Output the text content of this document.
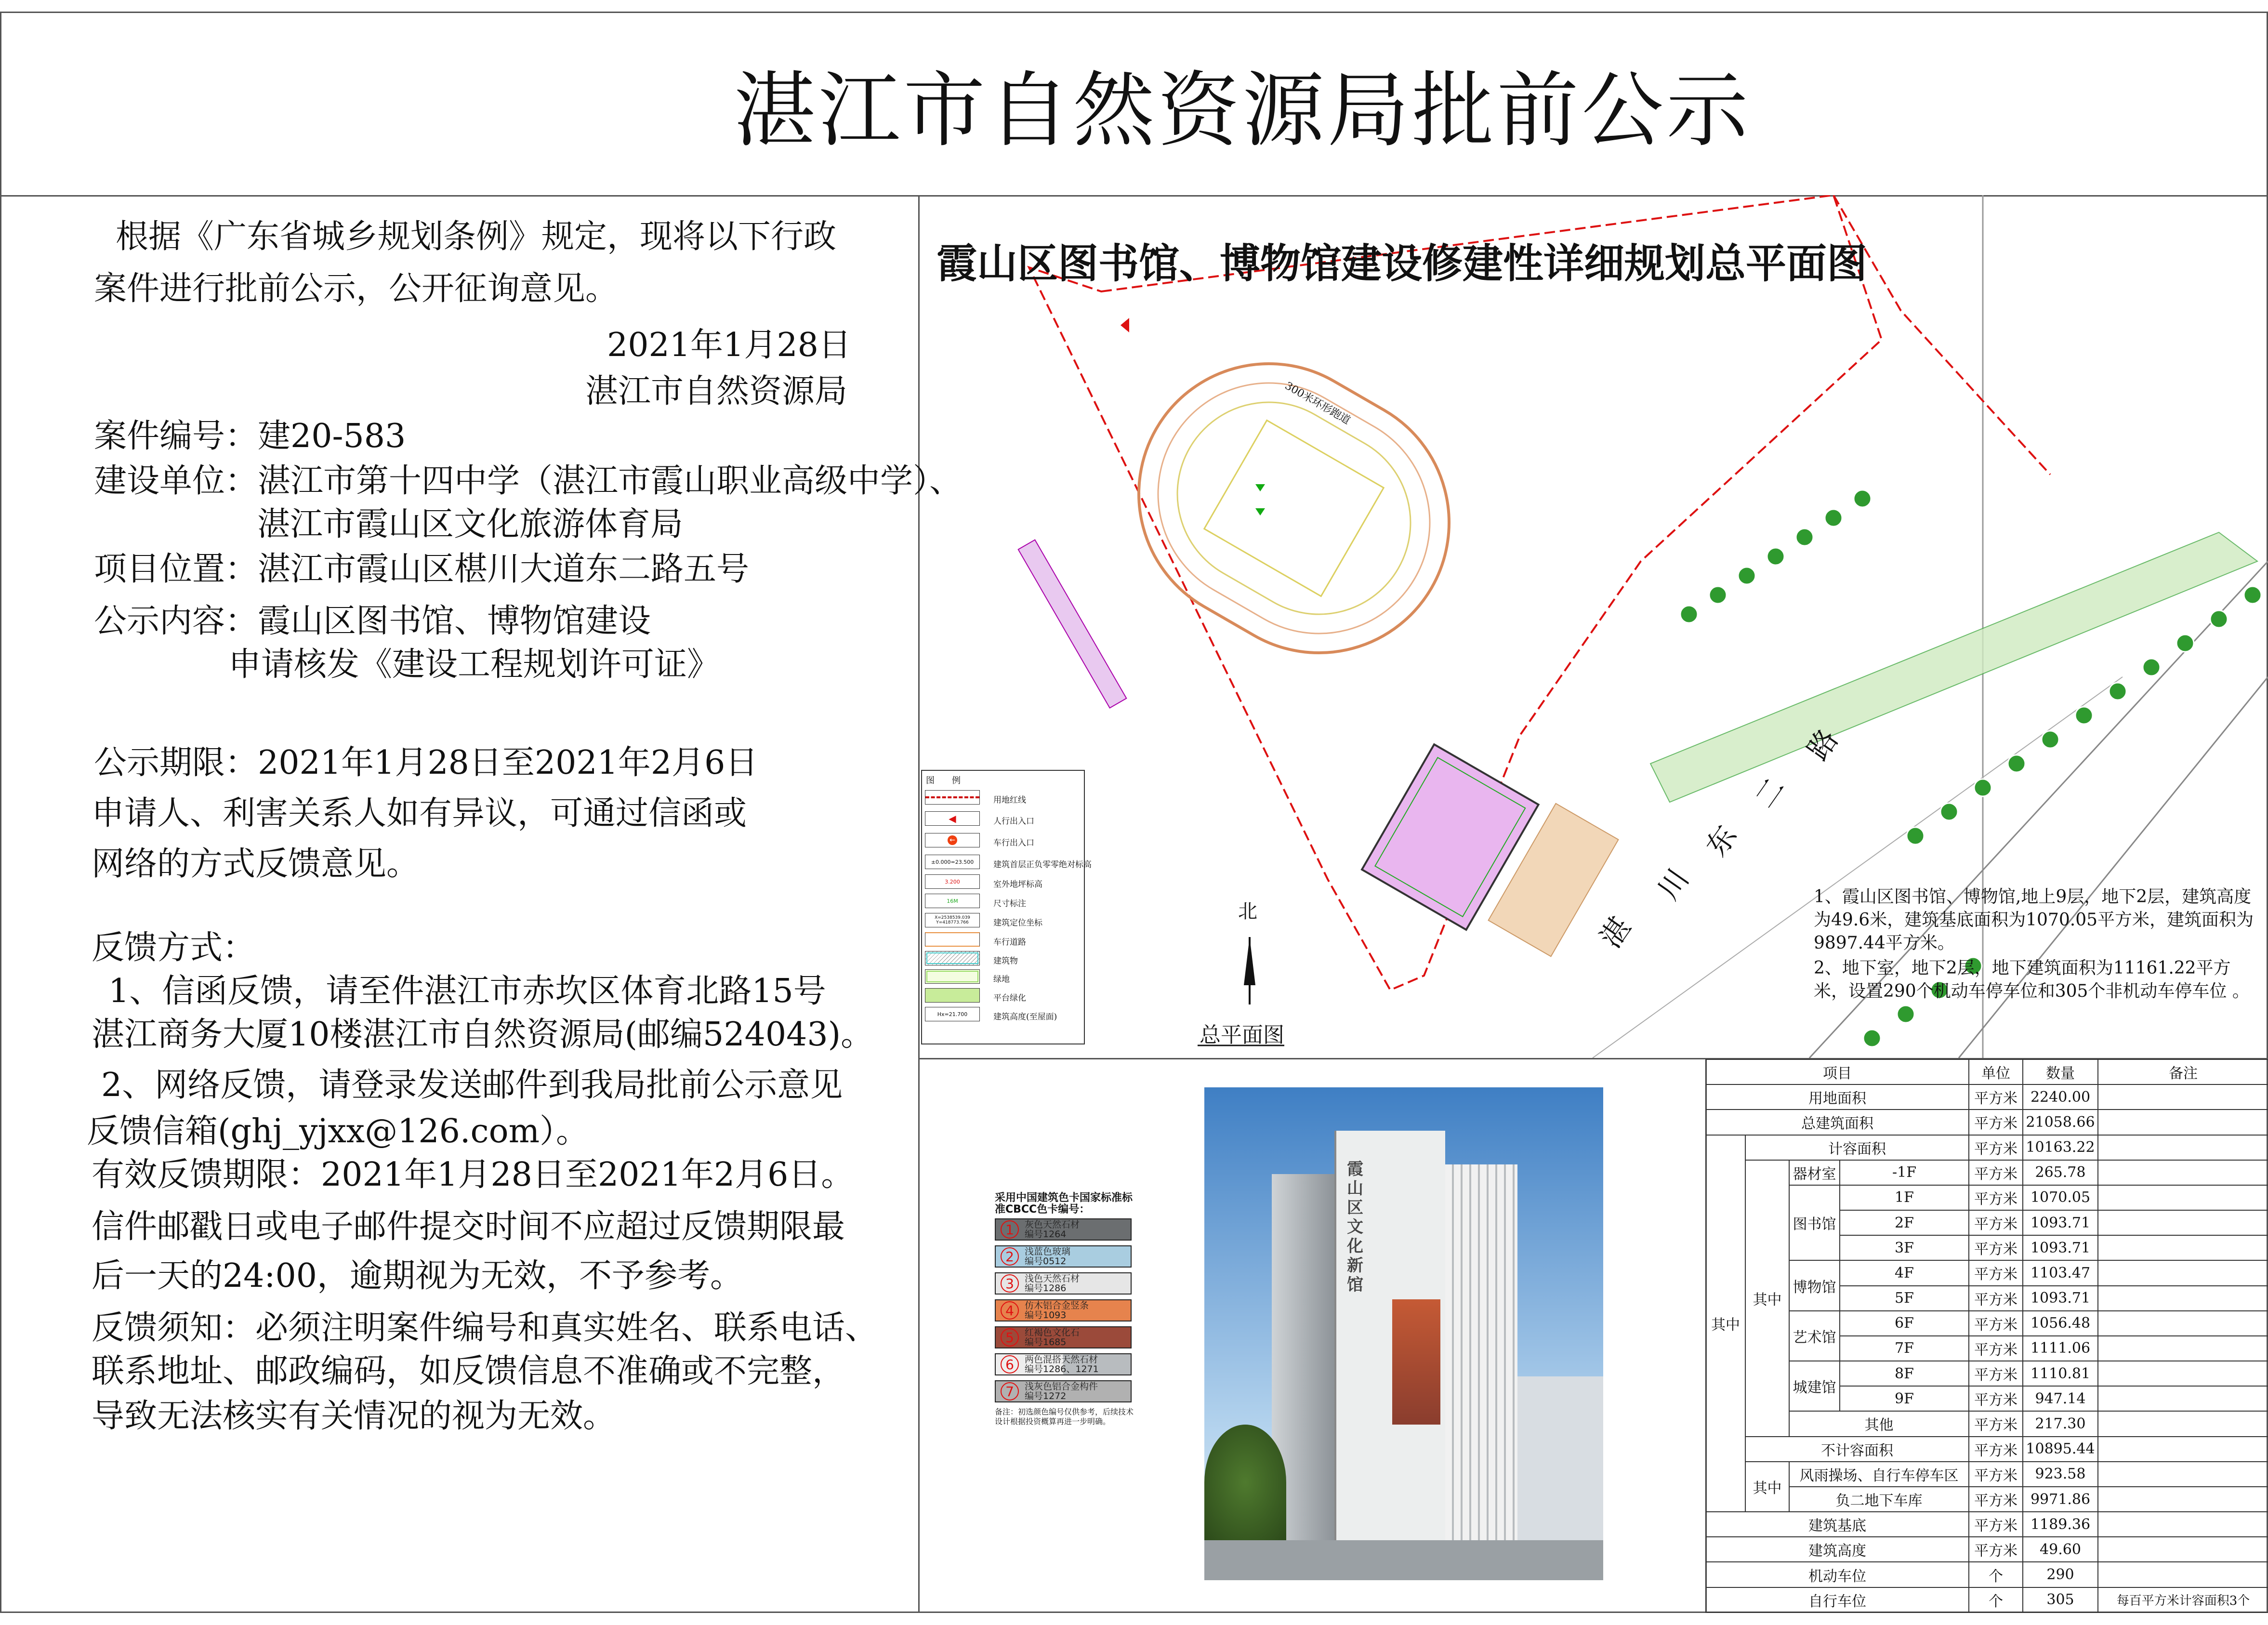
湛江市自然资源局批前公示
根据《广东省城乡规划条例》规定，现将以下行政
案件进行批前公示，公开征询意见。
2021年1月28日
湛江市自然资源局
案件编号：建20-583
建设单位：湛江市第十四中学（湛江市霞山职业高级中学）、
湛江市霞山区文化旅游体育局
项目位置：湛江市霞山区椹川大道东二路五号
公示内容：霞山区图书馆、博物馆建设
申请核发《建设工程规划许可证》
公示期限：2021年1月28日至2021年2月6日
申请人、利害关系人如有异议，可通过信函或
网络的方式反馈意见。
反馈方式：
1、信函反馈，请至件湛江市赤坎区体育北路15号
湛江商务大厦10楼湛江市自然资源局(邮编524043)。
2、网络反馈，请登录发送邮件到我局批前公示意见
反馈信箱(ghj_yjxx@126.com）。
有效反馈期限：2021年1月28日至2021年2月6日。
信件邮戳日或电子邮件提交时间不应超过反馈期限最
后一天的24:00，逾期视为无效，不予参考。
反馈须知：必须注明案件编号和真实姓名、联系电话、
联系地址、邮政编码，如反馈信息不准确或不完整，
导致无法核实有关情况的视为无效。
霞山区图书馆、博物馆建设修建性详细规划总平面图
300米环形跑道
北
总平面图
湛
川
东
二
路
1、霞山区图书馆、博物馆,地上9层，地下2层，建筑高度为49.6米，建筑基底面积为1070.05平方米，建筑面积为9897.44平方米。
2、地下室，地下2层，地下建筑面积为11161.22平方米，设置290个机动车停车位和305个非机动车停车位 。
图　　例
用地红线
◀	人行出入口
←	车行出入口
±0.000=23.500	建筑首层正负零零绝对标高
3.200	室外地坪标高
16M	尺寸标注
X=2538539.039
Y=418773.766	建筑定位坐标
车行道路
建筑物
绿地
平台绿化
Hx=21.700	建筑高度(至屋面)
霞山区文化新馆
采用中国建筑色卡国家标准标准CBCC色卡编号：
1	灰色天然石材
编号1264
2	浅蓝色玻璃
编号0512
3	浅色天然石材
编号1286
4	仿木铝合金竖条
编号1093
5	红褐色文化石
编号1685
6	两色混搭天然石材
编号1286、1271
7	浅灰色铝合金构件
编号1272
备注：初选颜色编号仅供参考，后续技术设计根据投资概算再进一步明确。
项目				单位	数量	备注
用地面积				平方米	2240.00	
总建筑面积				平方米	21058.66	
其中	计容面积			平方米	10163.22	
	其中	器材室	-1F	平方米	265.78	
		图书馆	1F	平方米	1070.05	
			2F	平方米	1093.71	
			3F	平方米	1093.71	
		博物馆	4F	平方米	1103.47	
			5F	平方米	1093.71	
		艺术馆	6F	平方米	1056.48	
			7F	平方米	1111.06	
		城建馆	8F	平方米	1110.81	
			9F	平方米	947.14	
		其他		平方米	217.30	
	不计容面积			平方米	10895.44	
	其中	风雨操场、自行车停车区		平方米	923.58	
		负二地下车库		平方米	9971.86	
建筑基底				平方米	1189.36	
建筑高度				平方米	49.60	
机动车位				个	290	
自行车位				个	305	每百平方米计容面积3个
